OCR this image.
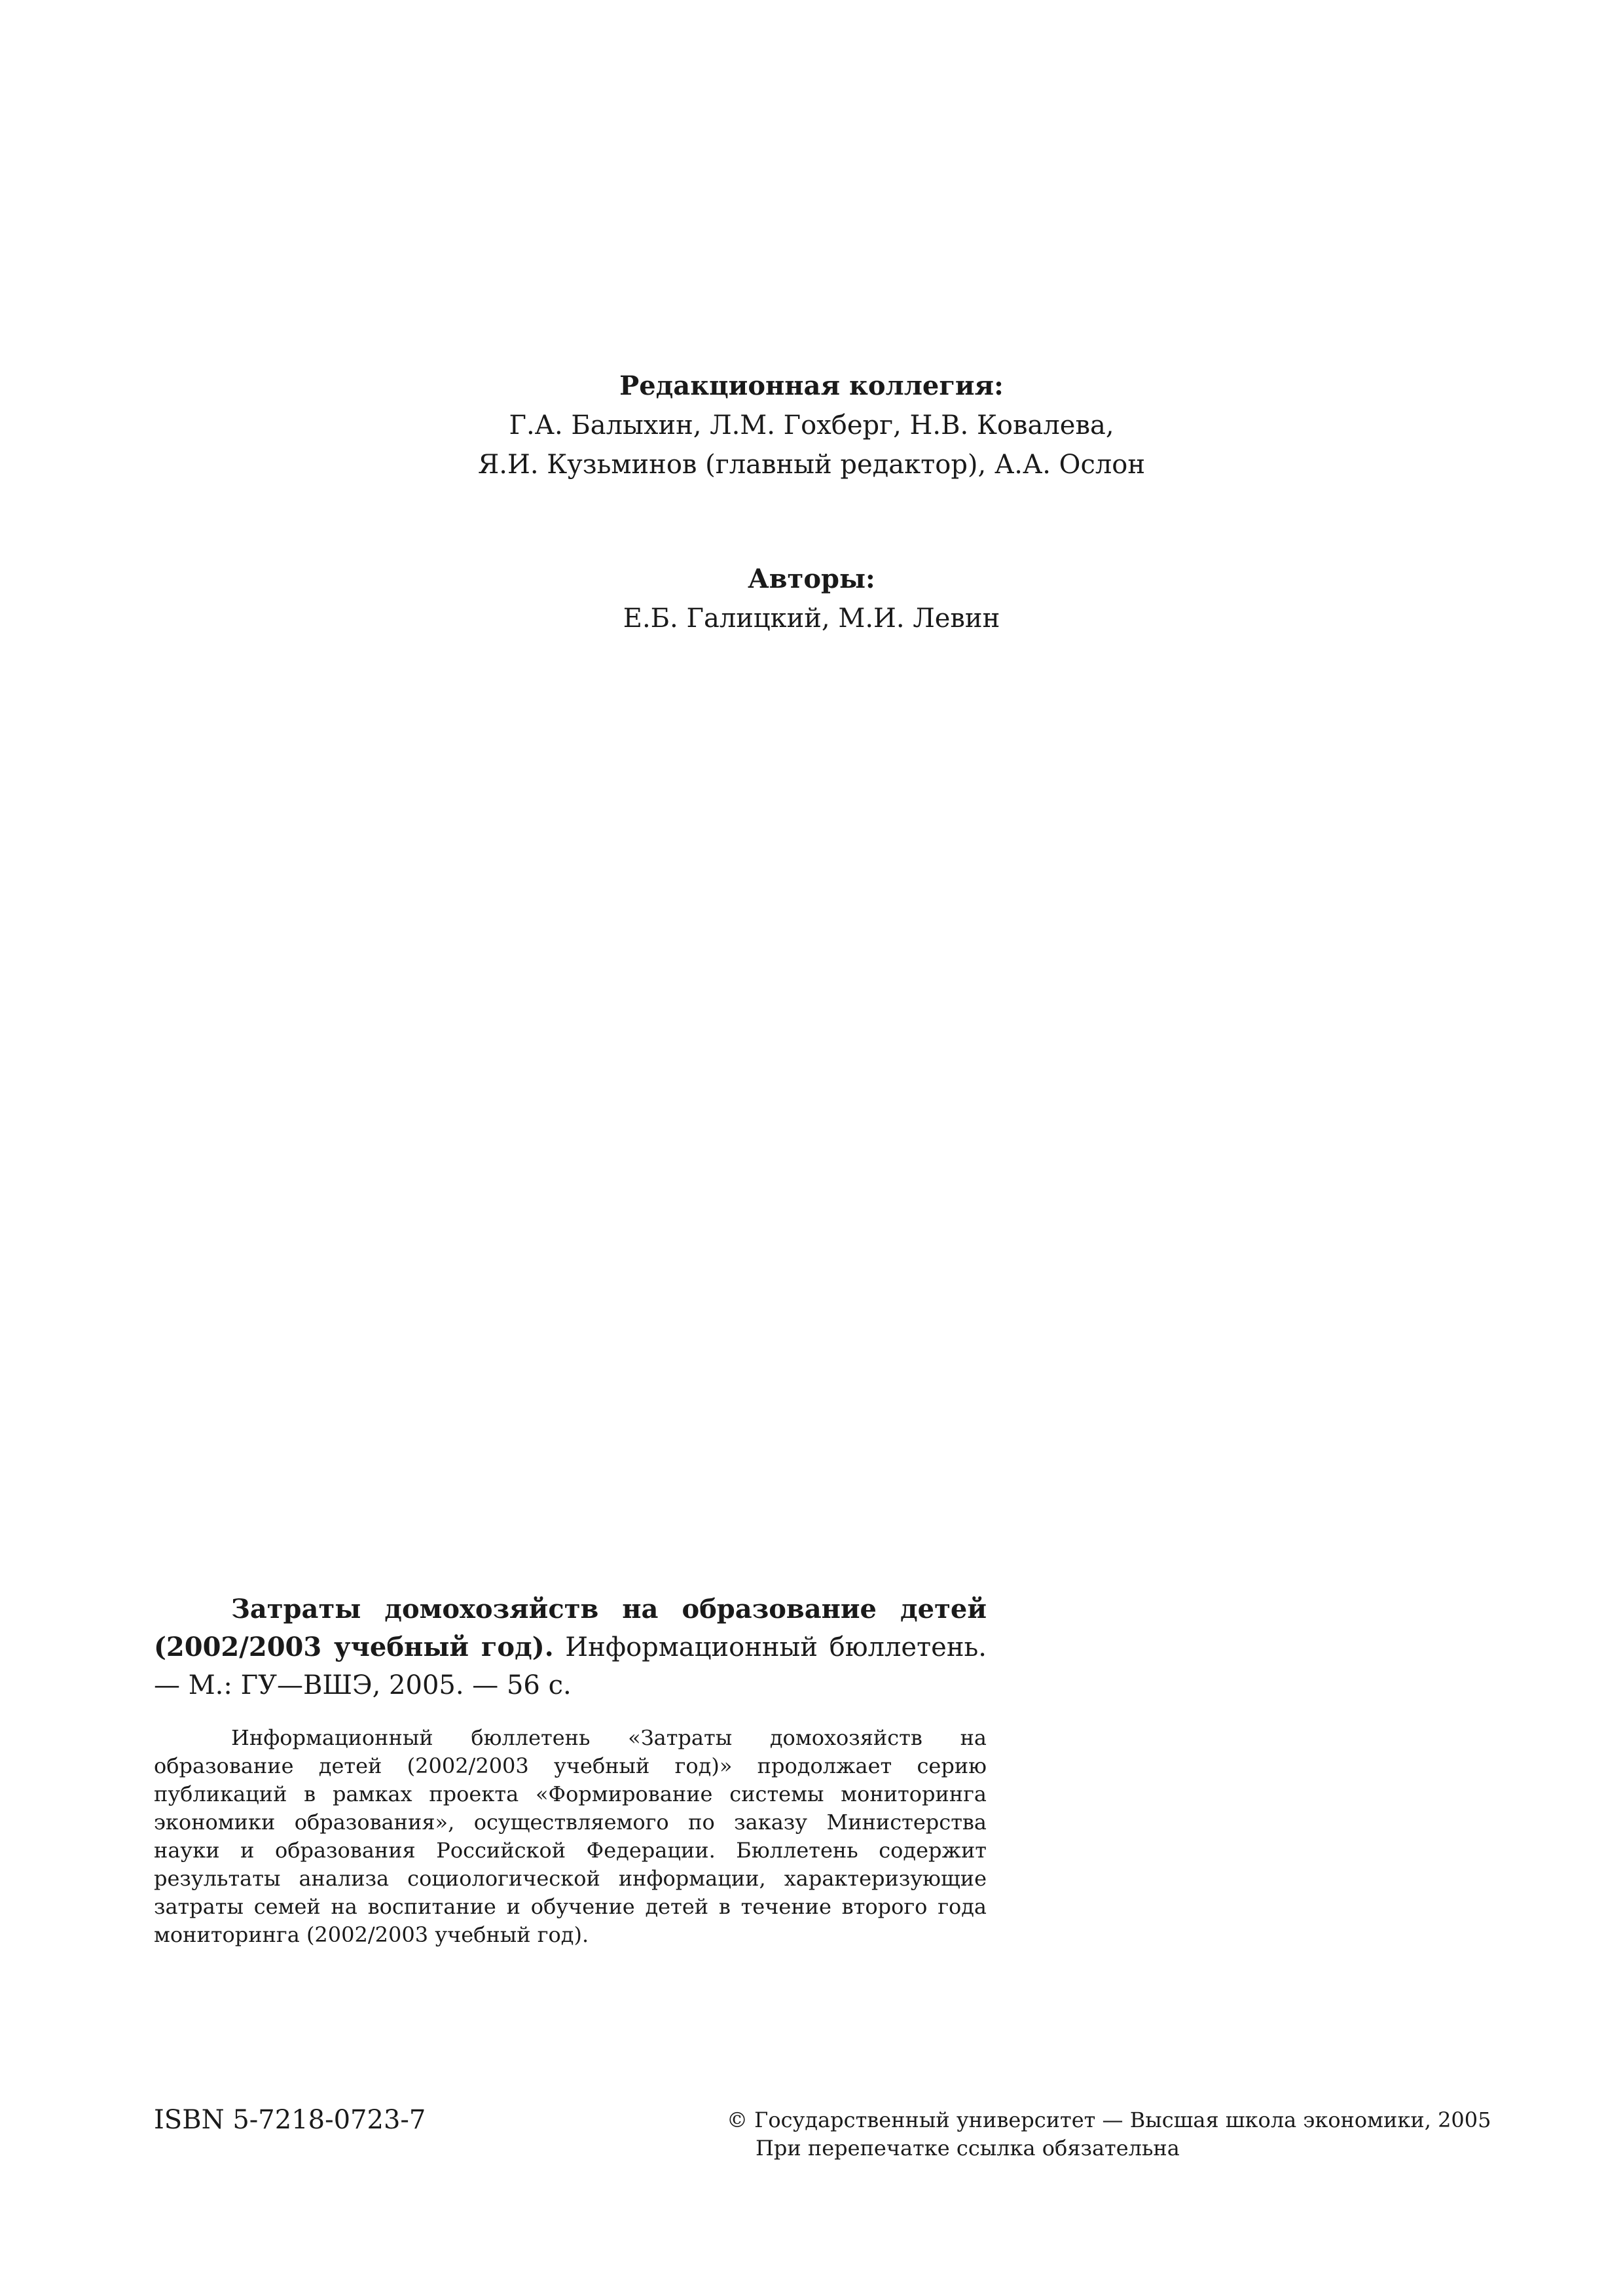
Редакционная коллегия:
Г.А. Балыхин, Л.М. Гохберг, Н.В. Ковалева,
Я.И. Кузьминов (главный редактор), А.А. Ослон
Авторы:
Е.Б. Галицкий, М.И. Левин

Затраты домохозяйств на образование детей (2002/2003 учебный год). Информационный бюллетень. — М.: ГУ—ВШЭ, 2005. — 56 с.

Информационный бюллетень «Затраты домохозяйств на образование детей (2002/2003 учебный год)» продолжает серию публикаций в рамках проекта «Формирование системы мониторинга экономики образования», осуществляемого по заказу Министерства науки и образования Российской Федерации. Бюллетень содержит результаты анализа социологической информации, характеризующие затраты семей на воспитание и обучение детей в течение второго года мониторинга (2002/2003 учебный год).

ISBN 5-7218-0723-7	© Государственный университет — Высшая школа экономики, 2005
При перепечатке ссылка обязательна
